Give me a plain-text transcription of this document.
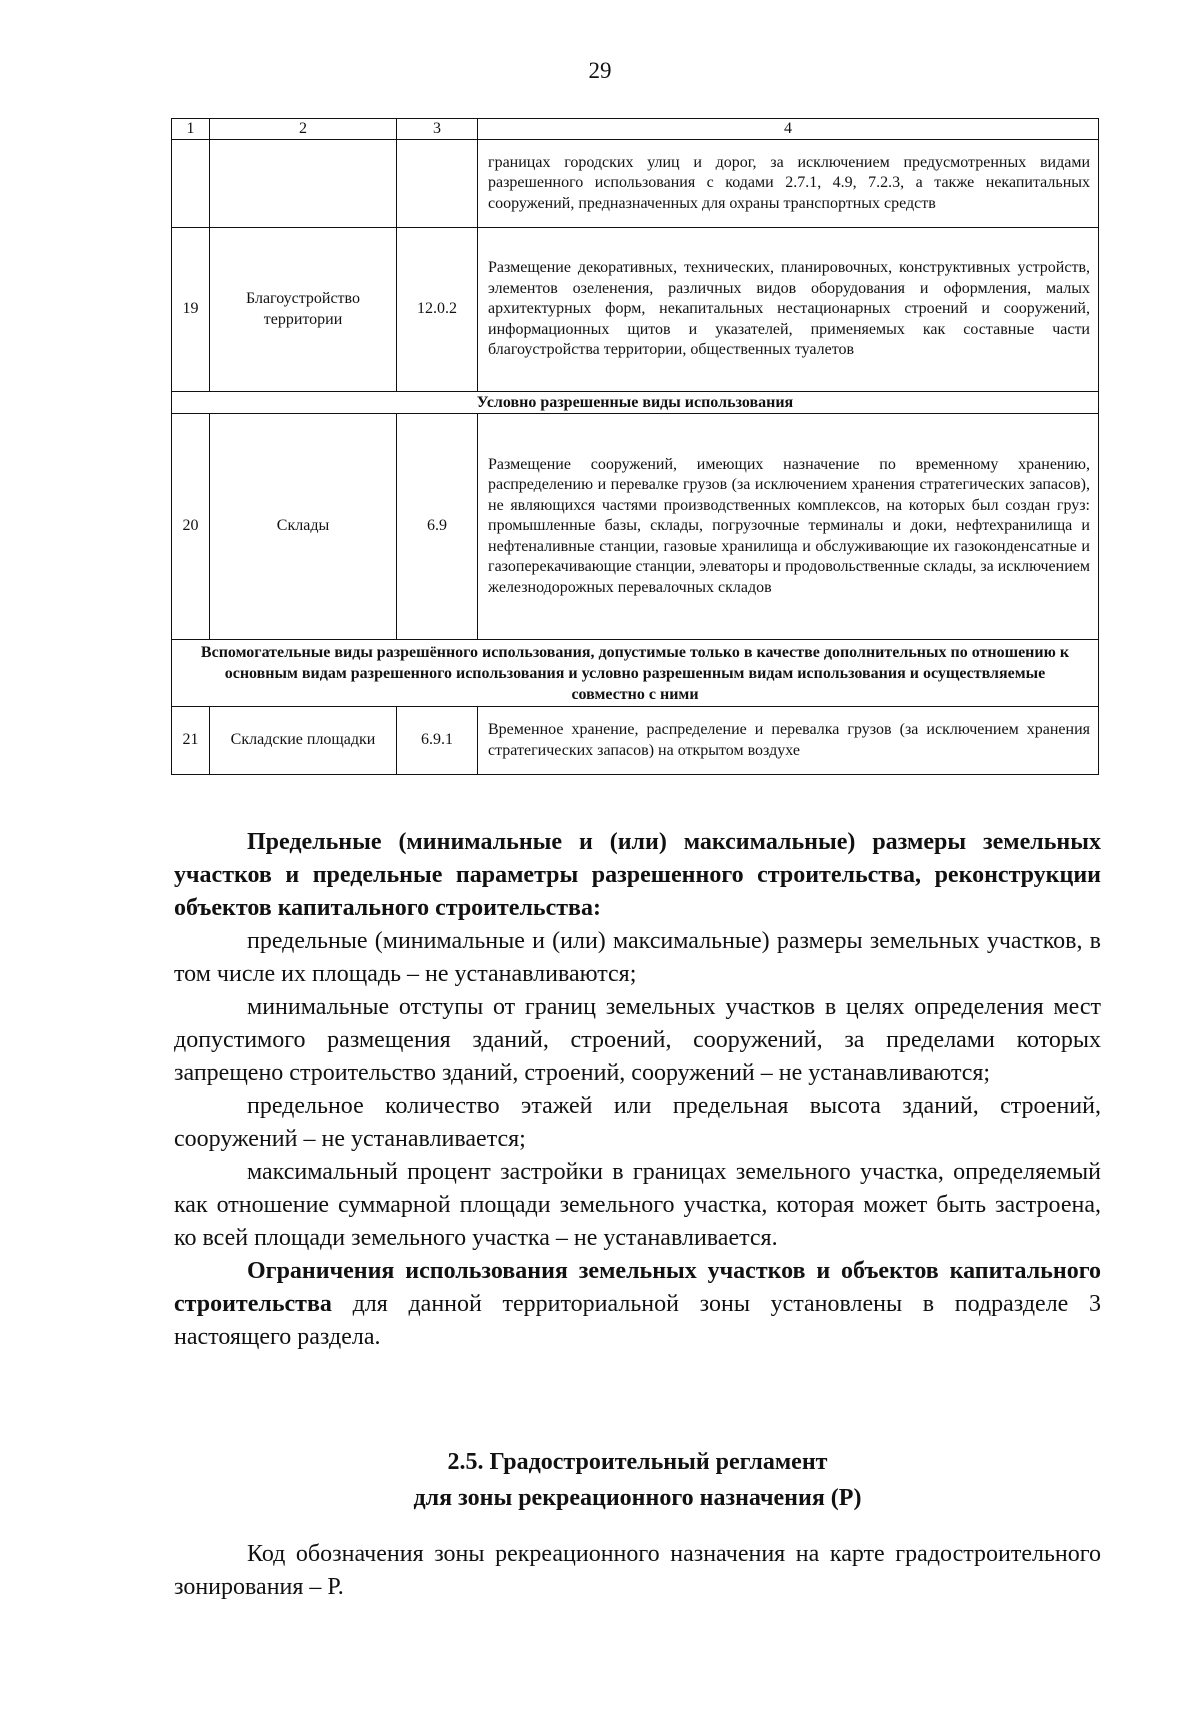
29
1	2	3	4
			границах городских улиц и дорог, за исключением предусмотренных видами разрешенного использования с кодами 2.7.1, 4.9, 7.2.3, а также некапитальных сооружений, предназначенных для охраны транспортных средств
19	Благоустройство территории	12.0.2	Размещение декоративных, технических, планировочных, конструктивных устройств, элементов озеленения, различных видов оборудования и оформления, малых архитектурных форм, некапитальных нестационарных строений и сооружений, информационных щитов и указателей, применяемых как составные части благоустройства территории, общественных туалетов
Условно разрешенные виды использования			
20	Склады	6.9	Размещение сооружений, имеющих назначение по временному хранению, распределению и перевалке грузов (за исключением хранения стратегических запасов), не являющихся частями производственных комплексов, на которых был создан груз: промышленные базы, склады, погрузочные терминалы и доки, нефтехранилища и нефтеналивные станции, газовые хранилища и обслуживающие их газоконденсатные и газоперекачивающие станции, элеваторы и продовольственные склады, за исключением железнодорожных перевалочных складов
Вспомогательные виды разрешённого использования, допустимые только в качестве дополнительных по отношению к основным видам разрешенного использования и условно разрешенным видам использования и осуществляемые совместно с ними			
21	Складские площадки	6.9.1	Временное хранение, распределение и перевалка грузов (за исключением хранения стратегических запасов) на открытом воздухе

Предельные (минимальные и (или) максимальные) размеры земельных участков и предельные параметры разрешенного строительства, реконструкции объектов капитального строительства:

предельные (минимальные и (или) максимальные) размеры земельных участков, в том числе их площадь – не устанавливаются;

минимальные отступы от границ земельных участков в целях определения мест допустимого размещения зданий, строений, сооружений, за пределами которых запрещено строительство зданий, строений, сооружений – не устанавливаются;

предельное количество этажей или предельная высота зданий, строений, сооружений – не устанавливается;

максимальный процент застройки в границах земельного участка, определяемый как отношение суммарной площади земельного участка, которая может быть застроена, ко всей площади земельного участка – не устанавливается.

Ограничения использования земельных участков и объектов капитального строительства для данной территориальной зоны установлены в подразделе 3 настоящего раздела.

2.5. Градостроительный регламент
для зоны рекреационного назначения (Р)

Код обозначения зоны рекреационного назначения на карте градостроительного зонирования – Р.
